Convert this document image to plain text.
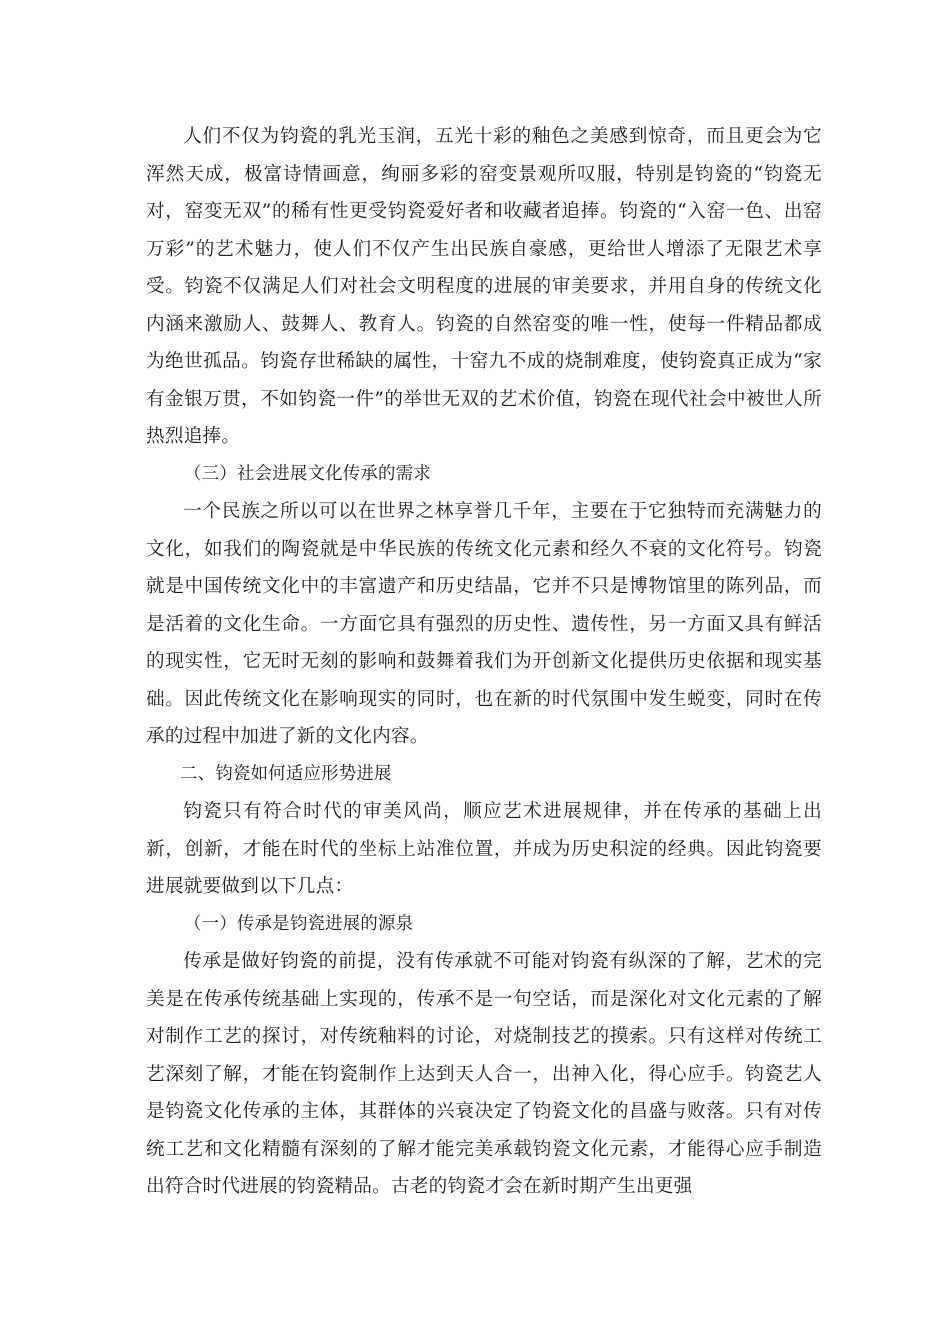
人们不仅为钧瓷的乳光玉润，五光十彩的釉色之美感到惊奇，而且更会为它浑然天成，极富诗情画意，绚丽多彩的窑变景观所叹服，特别是钧瓷的“钧瓷无对，窑变无双”的稀有性更受钧瓷爱好者和收藏者追捧。钧瓷的“入窑一色、出窑万彩”的艺术魅力，使人们不仅产生出民族自豪感，更给世人增添了无限艺术享受。钧瓷不仅满足人们对社会文明程度的进展的审美要求，并用自身的传统文化内涵来激励人、鼓舞人、教育人。钧瓷的自然窑变的唯一性，使每一件精品都成为绝世孤品。钧瓷存世稀缺的属性，十窑九不成的烧制难度，使钧瓷真正成为“家有金银万贯，不如钧瓷一件”的举世无双的艺术价值，钧瓷在现代社会中被世人所热烈追捧。

（三）社会进展文化传承的需求

一个民族之所以可以在世界之林享誉几千年，主要在于它独特而充满魅力的文化，如我们的陶瓷就是中华民族的传统文化元素和经久不衰的文化符号。钧瓷就是中国传统文化中的丰富遗产和历史结晶，它并不只是博物馆里的陈列品，而是活着的文化生命。一方面它具有强烈的历史性、遗传性，另一方面又具有鲜活的现实性，它无时无刻的影响和鼓舞着我们为开创新文化提供历史依据和现实基础。因此传统文化在影响现实的同时，也在新的时代氛围中发生蜕变，同时在传承的过程中加进了新的文化内容。

二、钧瓷如何适应形势进展

钧瓷只有符合时代的审美风尚，顺应艺术进展规律，并在传承的基础上出新，创新，才能在时代的坐标上站准位置，并成为历史积淀的经典。因此钧瓷要进展就要做到以下几点：

（一）传承是钧瓷进展的源泉

传承是做好钧瓷的前提，没有传承就不可能对钧瓷有纵深的了解，艺术的完美是在传承传统基础上实现的，传承不是一句空话，而是深化对文化元素的了解对制作工艺的探讨，对传统釉料的讨论，对烧制技艺的摸索。只有这样对传统工艺深刻了解，才能在钧瓷制作上达到天人合一，出神入化，得心应手。钧瓷艺人是钧瓷文化传承的主体，其群体的兴衰决定了钧瓷文化的昌盛与败落。只有对传统工艺和文化精髓有深刻的了解才能完美承载钧瓷文化元素，才能得心应手制造出符合时代进展的钧瓷精品。古老的钧瓷才会在新时期产生出更强
